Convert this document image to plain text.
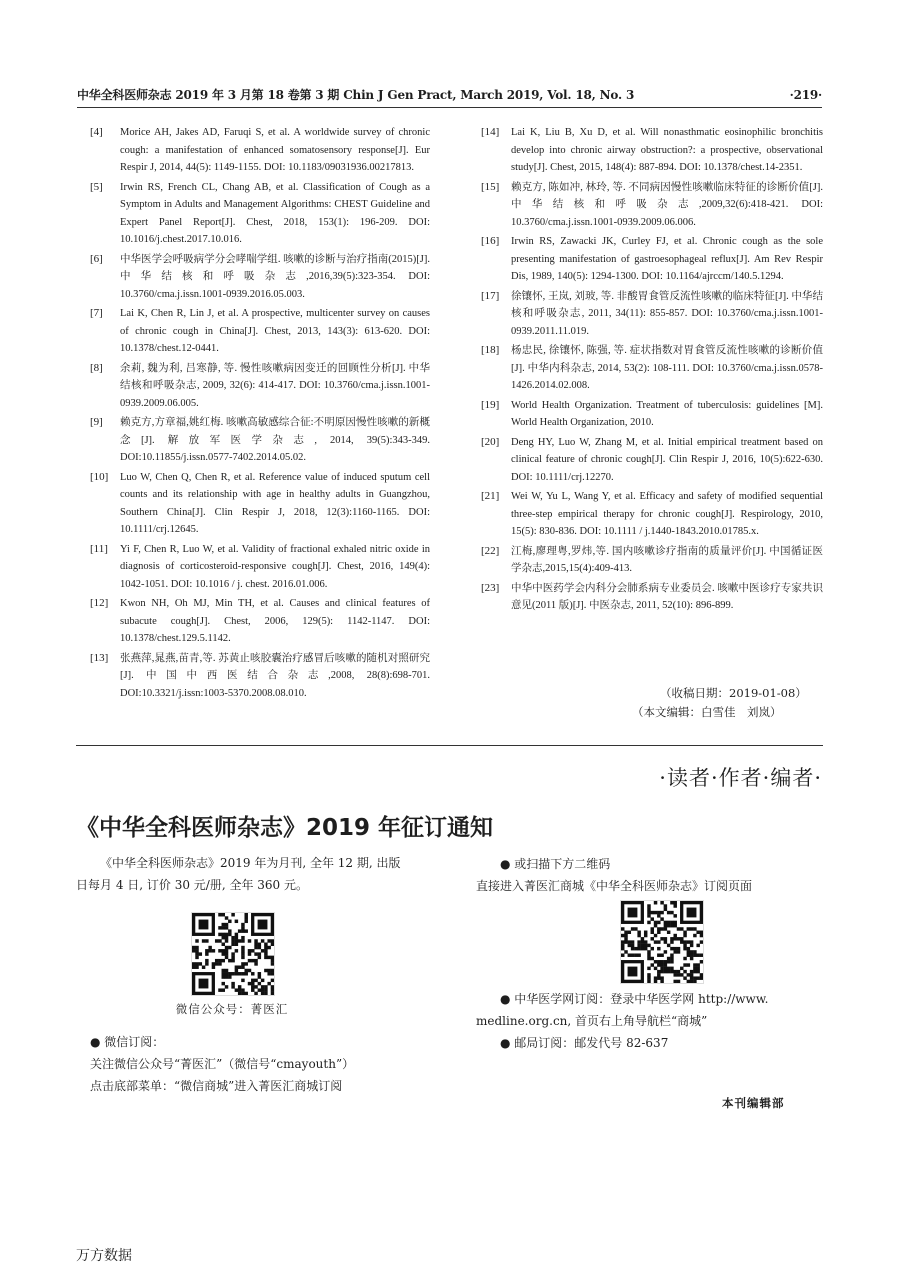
中华全科医师杂志 2019 年 3 月第 18 卷第 3 期 Chin J Gen Pract, March 2019, Vol. 18, No. 3	·219·
[4]	Morice AH, Jakes AD, Faruqi S, et al. A worldwide survey of chronic cough: a manifestation of enhanced somatosensory response[J]. Eur Respir J, 2014, 44(5): 1149-1155. DOI: 10.1183/09031936.00217813.
[5]	Irwin RS, French CL, Chang AB, et al. Classification of Cough as a Symptom in Adults and Management Algorithms: CHEST Guideline and Expert Panel Report[J]. Chest, 2018, 153(1): 196-209. DOI: 10.1016/j.chest.2017.10.016.
[6]	中华医学会呼吸病学分会哮喘学组. 咳嗽的诊断与治疗指南(2015)[J]. 中华结核和呼吸杂志,2016,39(5):323-354. DOI: 10.3760/cma.j.issn.1001-0939.2016.05.003.
[7]	Lai K, Chen R, Lin J, et al. A prospective, multicenter survey on causes of chronic cough in China[J]. Chest, 2013, 143(3): 613-620. DOI: 10.1378/chest.12-0441.
[8]	余莉, 魏为利, 吕寒静, 等. 慢性咳嗽病因变迁的回顾性分析[J]. 中华结核和呼吸杂志, 2009, 32(6): 414-417. DOI: 10.3760/cma.j.issn.1001-0939.2009.06.005.
[9]	赖克方,方章福,姚红梅. 咳嗽高敏感综合征:不明原因慢性咳嗽的新概念[J]. 解放军医学杂志, 2014, 39(5):343-349. DOI:10.11855/j.issn.0577-7402.2014.05.02.
[10]	Luo W, Chen Q, Chen R, et al. Reference value of induced sputum cell counts and its relationship with age in healthy adults in Guangzhou, Southern China[J]. Clin Respir J, 2018, 12(3):1160-1165. DOI: 10.1111/crj.12645.
[11]	Yi F, Chen R, Luo W, et al. Validity of fractional exhaled nitric oxide in diagnosis of corticosteroid-responsive cough[J]. Chest, 2016, 149(4): 1042-1051. DOI: 10.1016 / j. chest. 2016.01.006.
[12]	Kwon NH, Oh MJ, Min TH, et al. Causes and clinical features of subacute cough[J]. Chest, 2006, 129(5): 1142-1147. DOI: 10.1378/chest.129.5.1142.
[13]	张燕萍,晁燕,苗青,等. 苏黄止咳胶囊治疗感冒后咳嗽的随机对照研究[J]. 中国中西医结合杂志,2008, 28(8):698-701. DOI:10.3321/j.issn:1003-5370.2008.08.010.
[14]	Lai K, Liu B, Xu D, et al. Will nonasthmatic eosinophilic bronchitis develop into chronic airway obstruction?: a prospective, observational study[J]. Chest, 2015, 148(4): 887-894. DOI: 10.1378/chest.14-2351.
[15]	赖克方, 陈如冲, 林玲, 等. 不同病因慢性咳嗽临床特征的诊断价值[J]. 中华结核和呼吸杂志,2009,32(6):418-421. DOI: 10.3760/cma.j.issn.1001-0939.2009.06.006.
[16]	Irwin RS, Zawacki JK, Curley FJ, et al. Chronic cough as the sole presenting manifestation of gastroesophageal reflux[J]. Am Rev Respir Dis, 1989, 140(5): 1294-1300. DOI: 10.1164/ajrccm/140.5.1294.
[17]	徐镶怀, 王岚, 刘玻, 等. 非酸胃食管反流性咳嗽的临床特征[J]. 中华结核和呼吸杂志, 2011, 34(11): 855-857. DOI: 10.3760/cma.j.issn.1001-0939.2011.11.019.
[18]	杨忠民, 徐镶怀, 陈强, 等. 症状指数对胃食管反流性咳嗽的诊断价值[J]. 中华内科杂志, 2014, 53(2): 108-111. DOI: 10.3760/cma.j.issn.0578-1426.2014.02.008.
[19]	World Health Organization. Treatment of tuberculosis: guidelines [M]. World Health Organization, 2010.
[20]	Deng HY, Luo W, Zhang M, et al. Initial empirical treatment based on clinical feature of chronic cough[J]. Clin Respir J, 2016, 10(5):622-630. DOI: 10.1111/crj.12270.
[21]	Wei W, Yu L, Wang Y, et al. Efficacy and safety of modified sequential three-step empirical therapy for chronic cough[J]. Respirology, 2010, 15(5): 830-836. DOI: 10.1111 / j.1440-1843.2010.01785.x.
[22]	江梅,廖理粤,罗炜,等. 国内咳嗽诊疗指南的质量评价[J]. 中国循证医学杂志,2015,15(4):409-413.
[23]	中华中医药学会内科分会肺系病专业委员会. 咳嗽中医诊疗专家共识意见(2011 版)[J]. 中医杂志, 2011, 52(10): 896-899.
（收稿日期：2019-01-08）
（本文编辑：白雪佳　刘岚）
·读者·作者·编者·
《中华全科医师杂志》2019 年征订通知
《中华全科医师杂志》2019 年为月刊, 全年 12 期, 出版
日每月 4 日, 订价 30 元/册, 全年 360 元。
微信公众号：菁医汇
● 微信订阅：
关注微信公众号“菁医汇”（微信号“cmayouth”）
点击底部菜单：“微信商城”进入菁医汇商城订阅
● 或扫描下方二维码
直接进入菁医汇商城《中华全科医师杂志》订阅页面
● 中华医学网订阅：登录中华医学网 http://www.
medline.org.cn, 首页右上角导航栏“商城”
● 邮局订阅：邮发代号 82-637
本刊编辑部
万方数据
